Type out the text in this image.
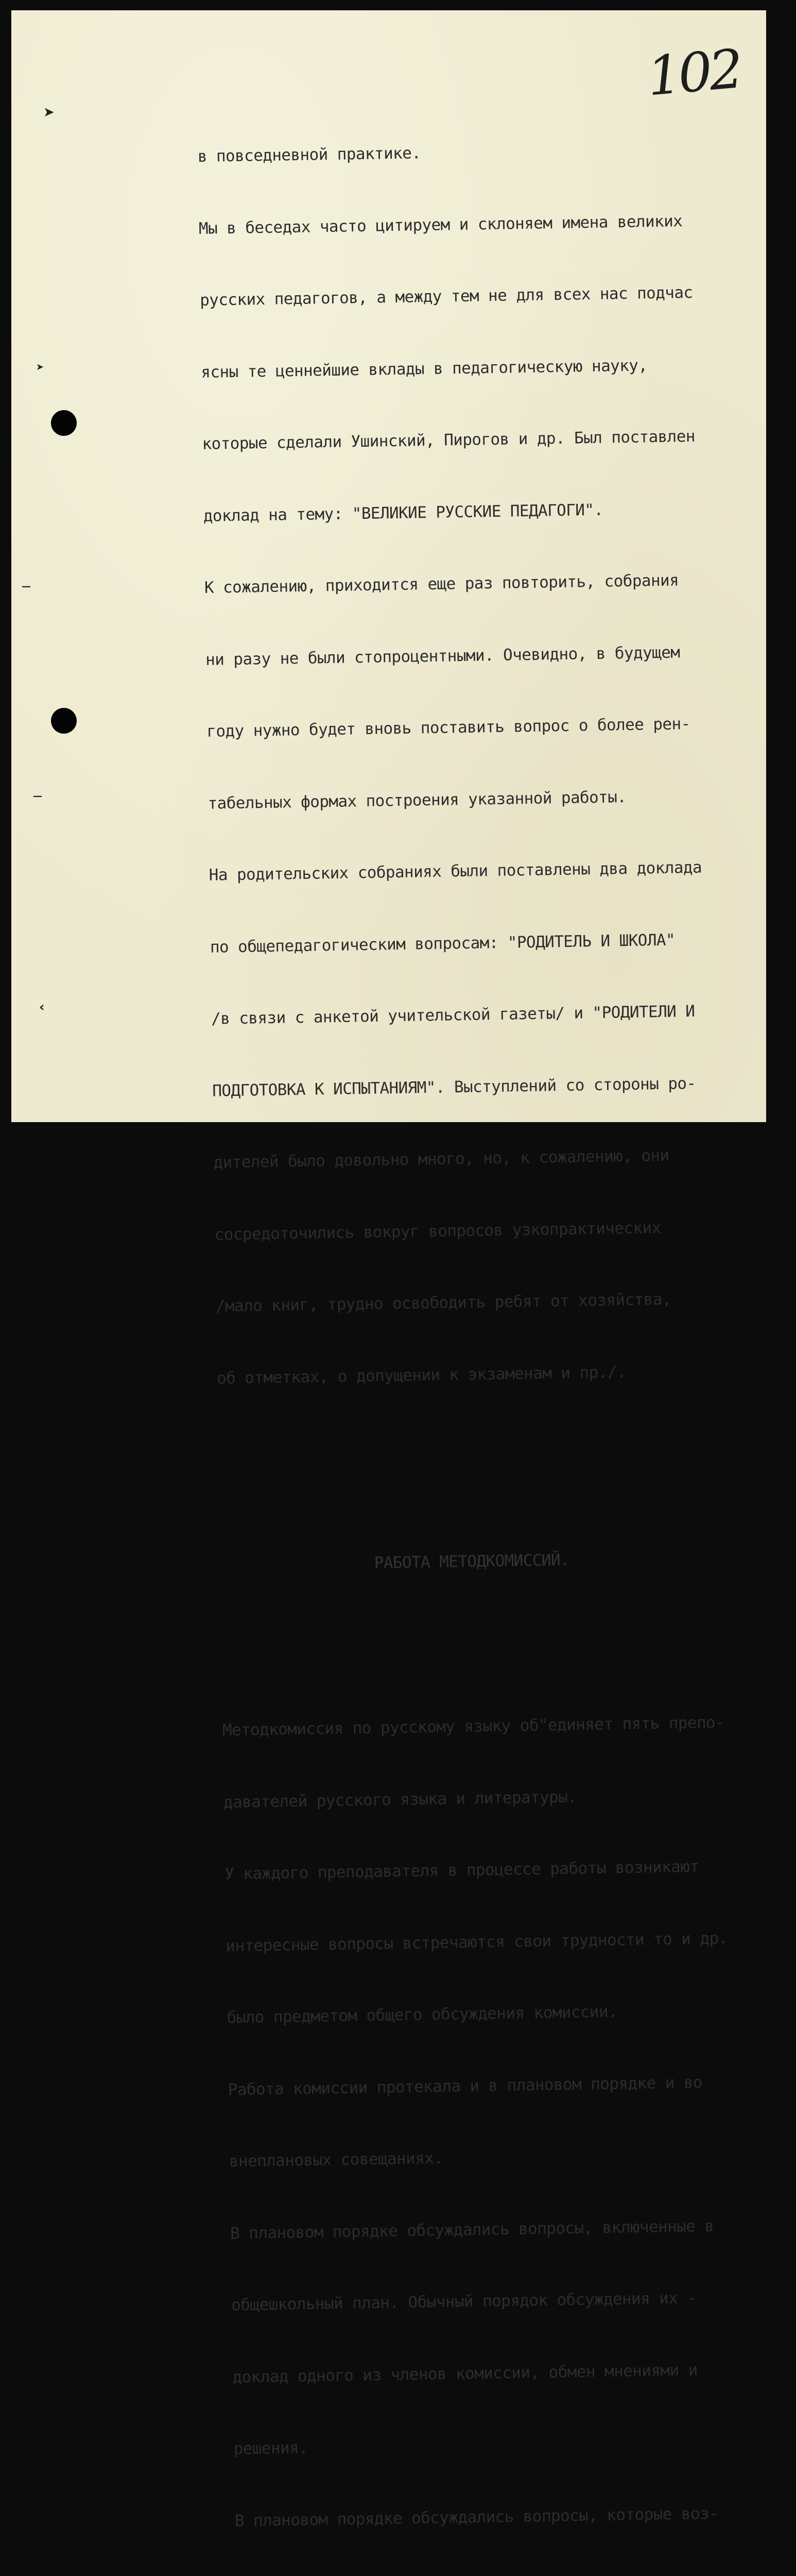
102
➤
➤
—
—
‹

в повседневной практике.

Мы в беседах часто цитируем и склоняем имена великих

русских педагогов, а между тем не для всех нас подчас

ясны те ценнейшие вклады в педагогическую науку,

которые сделали Ушинский, Пирогов и др. Был поставлен

доклад на тему: "ВЕЛИКИЕ РУССКИЕ ПЕДАГОГИ".

К сожалению, приходится еще раз повторить, собрания

ни разу не были стопроцентными. Очевидно, в будущем

году нужно будет вновь поставить вопрос о более рен-

табельных формах построения указанной работы.

На родительских собраниях были поставлены два доклада

по общепедагогическим вопросам: "РОДИТЕЛЬ И ШКОЛА"

/в связи с анкетой учительской газеты/ и "РОДИТЕЛИ И

ПОДГОТОВКА К ИСПЫТАНИЯМ". Выступлений со стороны ро-

дителей было довольно много, но, к сожалению, они

сосредоточились вокруг вопросов узкопрактических

/мало книг, трудно освободить ребят от хозяйства,

об отметках, о допущении к экзаменам и пр./.

РАБОТА МЕТОДКОМИССИЙ.

Методкомиссия по русскому языку об"единяет пять препо-

давателей русского языка и литературы.

У каждого преподавателя в процессе работы возникают

интересные вопросы встречаются свои трудности то и др.

было предметом общего обсуждения комиссии.

Работа комиссии протекала и в плановом порядке и во

внеплановых совещаниях.

В плановом порядке обсуждались вопросы, включенные в

общешкольный план. Обычный порядок обсуждения их -

доклад одного из членов комиссии, обмен мнениями и

решения.

В плановом порядке обсуждались вопросы, которые воз-
